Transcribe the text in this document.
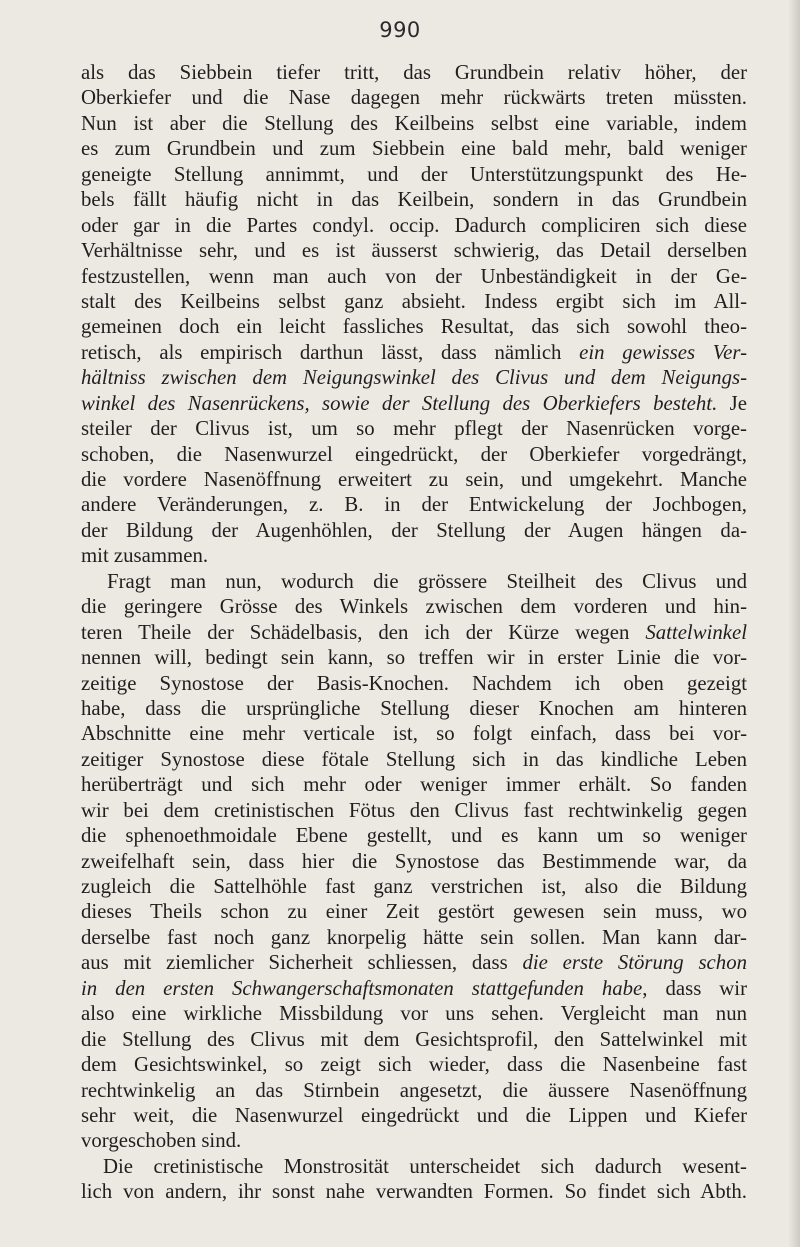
990
als das Siebbein tiefer tritt, das Grundbein relativ höher, der
Oberkiefer und die Nase dagegen mehr rückwärts treten müssten.
Nun ist aber die Stellung des Keilbeins selbst eine variable, indem
es zum Grundbein und zum Siebbein eine bald mehr, bald weniger
geneigte Stellung annimmt, und der Unterstützungspunkt des He-
bels fällt häufig nicht in das Keilbein, sondern in das Grundbein
oder gar in die Partes condyl. occip. Dadurch compliciren sich diese
Verhältnisse sehr, und es ist äusserst schwierig, das Detail derselben
festzustellen, wenn man auch von der Unbeständigkeit in der Ge-
stalt des Keilbeins selbst ganz absieht. Indess ergibt sich im All-
gemeinen doch ein leicht fassliches Resultat, das sich sowohl theo-
retisch, als empirisch darthun lässt, dass nämlich ein gewisses Ver-
hältniss zwischen dem Neigungswinkel des Clivus und dem Neigungs-
winkel des Nasenrückens, sowie der Stellung des Oberkiefers besteht. Je
steiler der Clivus ist, um so mehr pflegt der Nasenrücken vorge-
schoben, die Nasenwurzel eingedrückt, der Oberkiefer vorgedrängt,
die vordere Nasenöffnung erweitert zu sein, und umgekehrt. Manche
andere Veränderungen, z. B. in der Entwickelung der Jochbogen,
der Bildung der Augenhöhlen, der Stellung der Augen hängen da-
mit zusammen.
Fragt man nun, wodurch die grössere Steilheit des Clivus und
die geringere Grösse des Winkels zwischen dem vorderen und hin-
teren Theile der Schädelbasis, den ich der Kürze wegen Sattelwinkel
nennen will, bedingt sein kann, so treffen wir in erster Linie die vor-
zeitige Synostose der Basis-Knochen. Nachdem ich oben gezeigt
habe, dass die ursprüngliche Stellung dieser Knochen am hinteren
Abschnitte eine mehr verticale ist, so folgt einfach, dass bei vor-
zeitiger Synostose diese fötale Stellung sich in das kindliche Leben
herüberträgt und sich mehr oder weniger immer erhält. So fanden
wir bei dem cretinistischen Fötus den Clivus fast rechtwinkelig gegen
die sphenoethmoidale Ebene gestellt, und es kann um so weniger
zweifelhaft sein, dass hier die Synostose das Bestimmende war, da
zugleich die Sattelhöhle fast ganz verstrichen ist, also die Bildung
dieses Theils schon zu einer Zeit gestört gewesen sein muss, wo
derselbe fast noch ganz knorpelig hätte sein sollen. Man kann dar-
aus mit ziemlicher Sicherheit schliessen, dass die erste Störung schon
in den ersten Schwangerschaftsmonaten stattgefunden habe, dass wir
also eine wirkliche Missbildung vor uns sehen. Vergleicht man nun
die Stellung des Clivus mit dem Gesichtsprofil, den Sattelwinkel mit
dem Gesichtswinkel, so zeigt sich wieder, dass die Nasenbeine fast
rechtwinkelig an das Stirnbein angesetzt, die äussere Nasenöffnung
sehr weit, die Nasenwurzel eingedrückt und die Lippen und Kiefer
vorgeschoben sind.
Die cretinistische Monstrosität unterscheidet sich dadurch wesent-
lich von andern, ihr sonst nahe verwandten Formen. So findet sich Abth.
